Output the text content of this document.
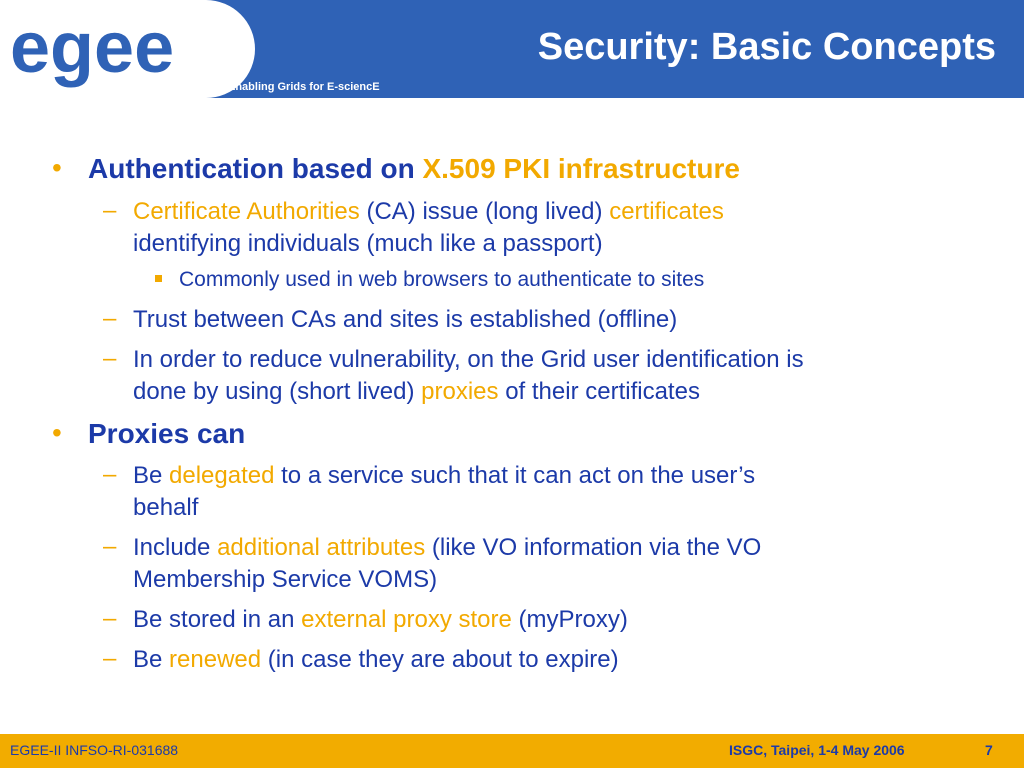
egee	Enabling Grids for E-sciencE
Security: Basic Concepts
• Authentication based on X.509 PKI infrastructure
– Certificate Authorities (CA) issue (long lived) certificates
identifying individuals (much like a passport)
Commonly used in web browsers to authenticate to sites
– Trust between CAs and sites is established (offline)
– In order to reduce vulnerability, on the Grid user identification is
done by using (short lived) proxies of their certificates
• Proxies can
– Be delegated to a service such that it can act on the user’s
behalf
– Include additional attributes (like VO information via the VO
Membership Service VOMS)
– Be stored in an external proxy store (myProxy)
– Be renewed (in case they are about to expire)
EGEE-II INFSO-RI-031688	ISGC, Taipei, 1-4 May 2006	7
